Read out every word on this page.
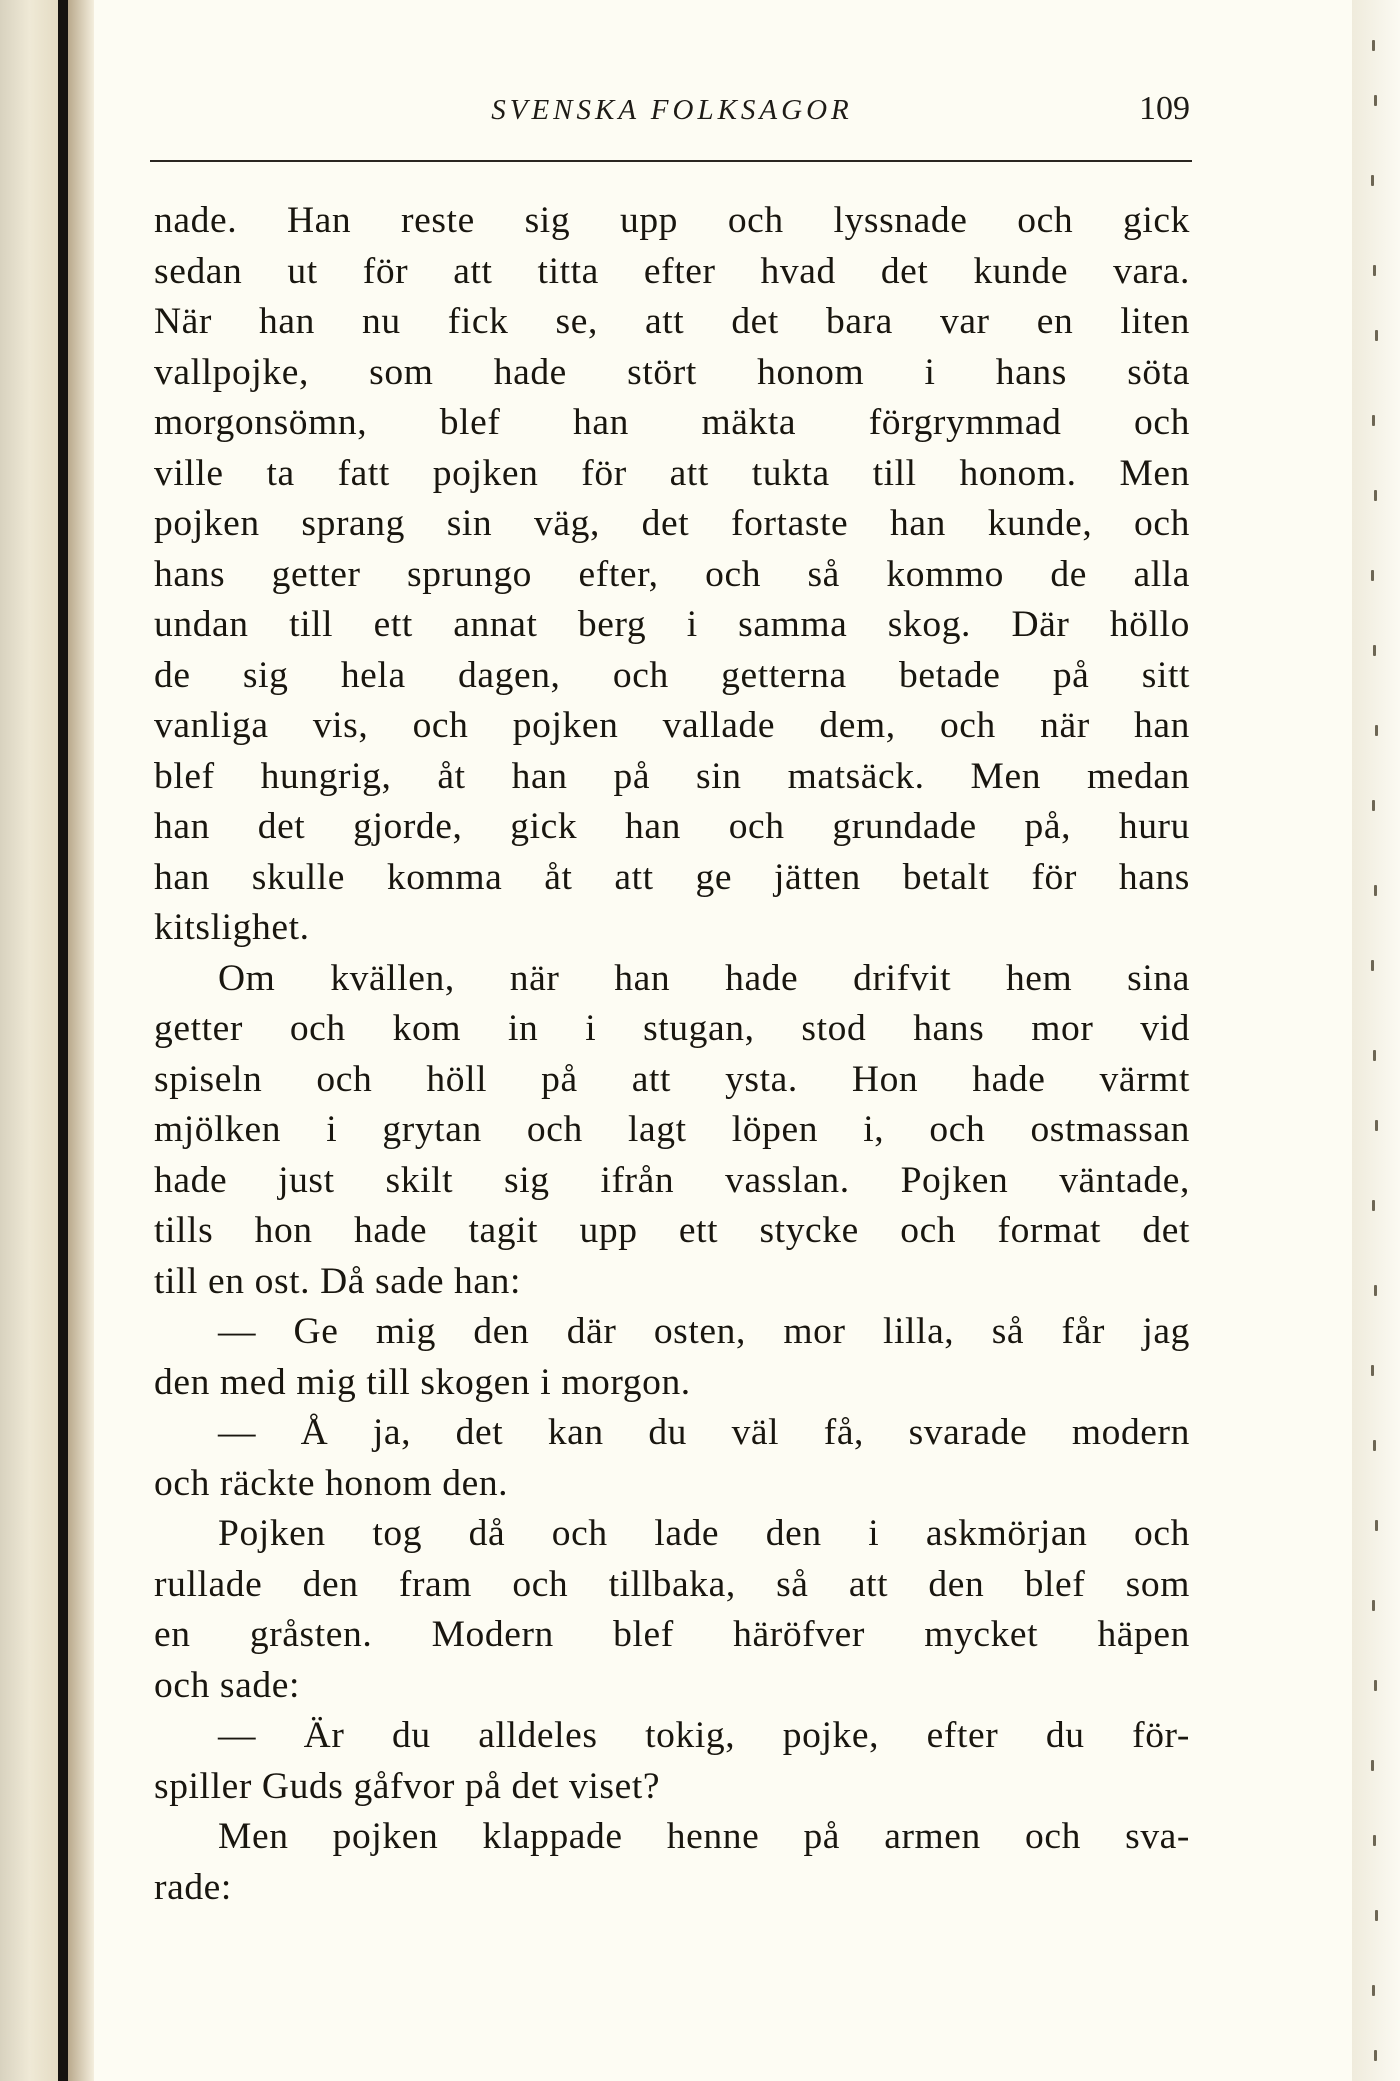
SVENSKA FOLKSAGOR	109
nade. Han reste sig upp och lyssnade och gick
sedan ut för att titta efter hvad det kunde vara.
När han nu fick se, att det bara var en liten
vallpojke, som hade stört honom i hans söta
morgonsömn, blef han mäkta förgrymmad och
ville ta fatt pojken för att tukta till honom. Men
pojken sprang sin väg, det fortaste han kunde, och
hans getter sprungo efter, och så kommo de alla
undan till ett annat berg i samma skog. Där höllo
de sig hela dagen, och getterna betade på sitt
vanliga vis, och pojken vallade dem, och när han
blef hungrig, åt han på sin matsäck. Men medan
han det gjorde, gick han och grundade på, huru
han skulle komma åt att ge jätten betalt för hans
kitslighet.
Om kvällen, när han hade drifvit hem sina
getter och kom in i stugan, stod hans mor vid
spiseln och höll på att ysta. Hon hade värmt
mjölken i grytan och lagt löpen i, och ostmassan
hade just skilt sig ifrån vasslan. Pojken väntade,
tills hon hade tagit upp ett stycke och format det
till en ost. Då sade han:
— Ge mig den där osten, mor lilla, så får jag
den med mig till skogen i morgon.
— Å ja, det kan du väl få, svarade modern
och räckte honom den.
Pojken tog då och lade den i askmörjan och
rullade den fram och tillbaka, så att den blef som
en gråsten. Modern blef häröfver mycket häpen
och sade:
— Är du alldeles tokig, pojke, efter du för-
spiller Guds gåfvor på det viset?
Men pojken klappade henne på armen och sva-
rade:
